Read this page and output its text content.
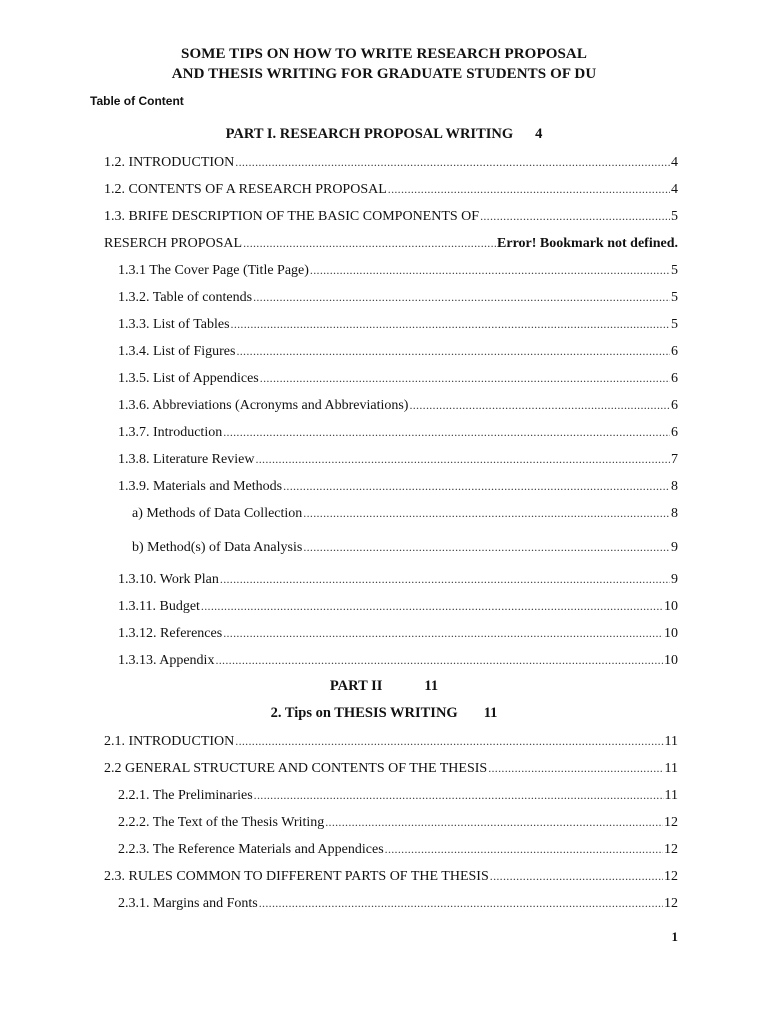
SOME TIPS ON HOW TO WRITE RESEARCH PROPOSAL
AND THESIS WRITING FOR GRADUATE STUDENTS OF DU
Table of Content
PART I. RESEARCH PROPOSAL WRITING 4
1.2. INTRODUCTION .....	4
1.2. CONTENTS OF A RESEARCH PROPOSAL .....	4
1.3. BRIFE DESCRIPTION OF THE BASIC COMPONENTS OF .....	5
RESERCH PROPOSAL .....	Error! Bookmark not defined.
1.3.1 The Cover Page (Title Page) .....	5
1.3.2. Table of contends .....	5
1.3.3. List of Tables .....	5
1.3.4. List of Figures .....	6
1.3.5. List of Appendices .....	6
1.3.6. Abbreviations (Acronyms and Abbreviations) .....	6
1.3.7. Introduction .....	6
1.3.8. Literature Review .....	7
1.3.9. Materials and Methods .....	8
a) Methods of Data Collection .....	8
b) Method(s) of Data Analysis .....	9
1.3.10. Work Plan .....	9
1.3.11. Budget .....	10
1.3.12. References .....	10
1.3.13. Appendix .....	10
PART II	11
2. Tips on THESIS WRITING 11
2.1. INTRODUCTION .....	11
2.2 GENERAL STRUCTURE AND CONTENTS OF THE THESIS .....	11
2.2.1. The Preliminaries .....	11
2.2.2. The Text of the Thesis Writing .....	12
2.2.3. The Reference Materials and Appendices .....	12
2.3. RULES COMMON TO DIFFERENT PARTS OF THE THESIS .....	12
2.3.1. Margins and Fonts .....	12
1
